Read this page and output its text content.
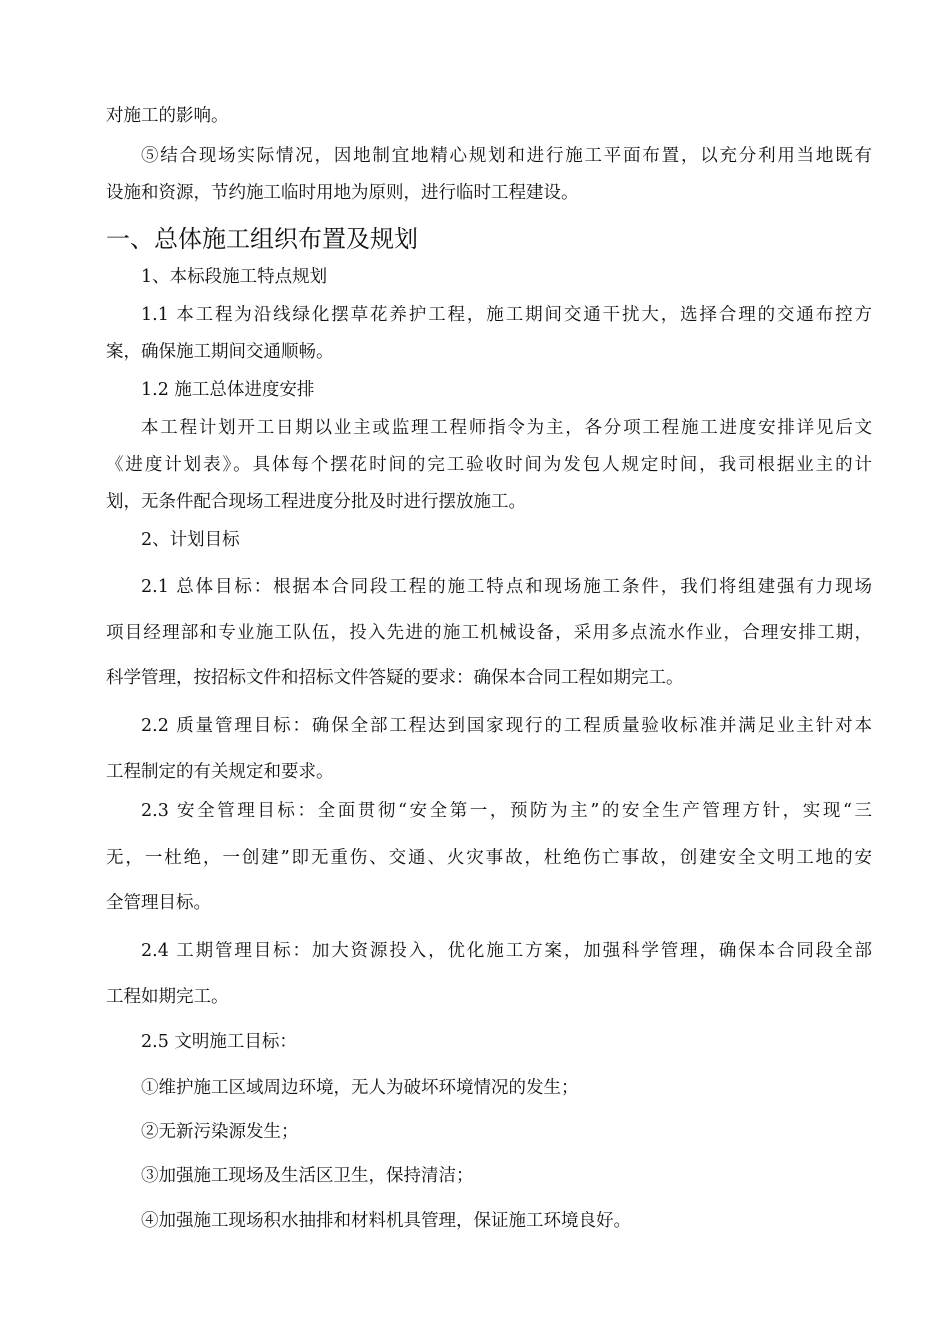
对施工的影响。
⑤结合现场实际情况，因地制宜地精心规划和进行施工平面布置，以充分利用当地既有
设施和资源，节约施工临时用地为原则，进行临时工程建设。
一、总体施工组织布置及规划
1、本标段施工特点规划
1.1 本工程为沿线绿化摆草花养护工程，施工期间交通干扰大，选择合理的交通布控方
案，确保施工期间交通顺畅。
1.2 施工总体进度安排
本工程计划开工日期以业主或监理工程师指令为主，各分项工程施工进度安排详见后文
《进度计划表》。具体每个摆花时间的完工验收时间为发包人规定时间，我司根据业主的计
划，无条件配合现场工程进度分批及时进行摆放施工。
2、计划目标
2.1 总体目标：根据本合同段工程的施工特点和现场施工条件，我们将组建强有力现场
项目经理部和专业施工队伍，投入先进的施工机械设备，采用多点流水作业，合理安排工期，
科学管理，按招标文件和招标文件答疑的要求：确保本合同工程如期完工。
2.2 质量管理目标：确保全部工程达到国家现行的工程质量验收标准并满足业主针对本
工程制定的有关规定和要求。
2.3 安全管理目标：全面贯彻“安全第一，预防为主”的安全生产管理方针，实现“三
无，一杜绝，一创建”即无重伤、交通、火灾事故，杜绝伤亡事故，创建安全文明工地的安
全管理目标。
2.4 工期管理目标：加大资源投入，优化施工方案，加强科学管理，确保本合同段全部
工程如期完工。
2.5 文明施工目标：
①维护施工区域周边环境，无人为破坏环境情况的发生；
②无新污染源发生；
③加强施工现场及生活区卫生，保持清洁；
④加强施工现场积水抽排和材料机具管理，保证施工环境良好。
